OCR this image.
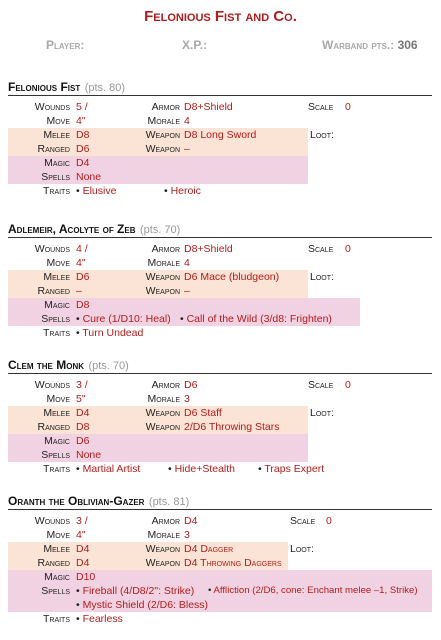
Felonious Fist and Co.
Player:	X.P.:	Warband pts.: 306
Felonious Fist (pts. 80)
Wounds 5 /	Armor D8+Shield	Scale 0
Move 4"	Morale 4
Melee D8	Weapon D8 Long Sword	Loot:
Ranged D6	Weapon –
Magic D4
Spells None
Traits	• Elusive	• Heroic
Adlemeir, Acolyte of Zeb (pts. 70)
Wounds 4 /	Armor D8+Shield	Scale 0
Move 4"	Morale 4
Melee D6	Weapon D6 Mace (bludgeon)	Loot:
Ranged –	Weapon –
Magic D8
Spells	• Cure (1/D10: Heal)	• Call of the Wild (3/d8: Frighten)
Traits	• Turn Undead
Clem the Monk (pts. 70)
Wounds 3 /	Armor D6	Scale 0
Move 5"	Morale 3
Melee D4	Weapon D6 Staff	Loot:
Ranged D8	Weapon 2/D6 Throwing Stars
Magic D6
Spells None
Traits	• Martial Artist	• Hide+Stealth	• Traps Expert
Oranth the Oblivian-Gazer (pts. 81)
Wounds 3 /	Armor D4	Scale 0
Move 4"	Morale 3
Melee D4	Weapon D4 Dagger	Loot:
Ranged D4	Weapon D4 Throwing Daggers
Magic D10
Spells	• Fireball (4/D8/2": Strike)	• Affliction (2/D6, cone: Enchant melee –1, Strike)
• Mystic Shield (2/D6: Bless)
Traits	• Fearless
